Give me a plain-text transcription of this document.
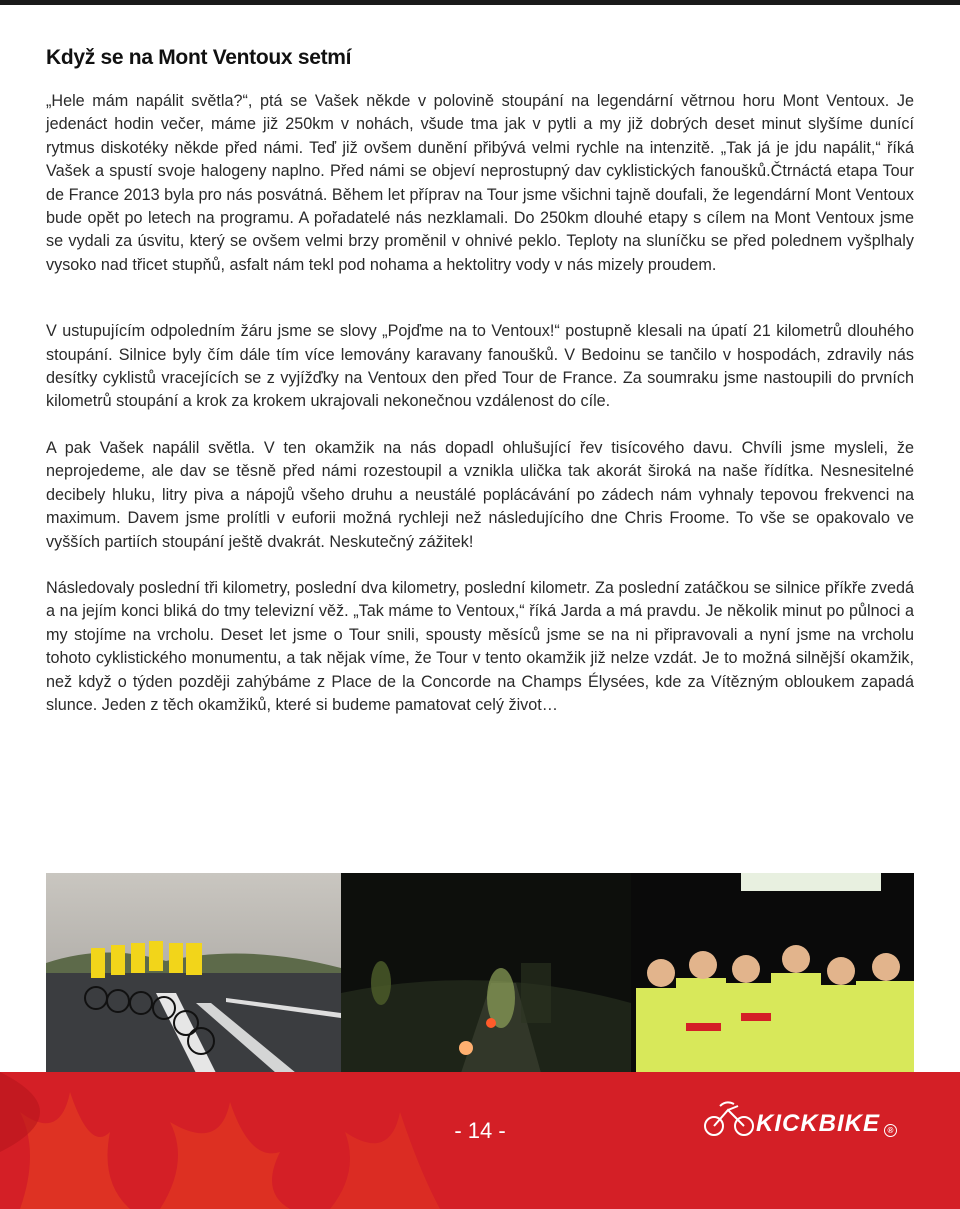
Když se na Mont Ventoux setmí

„Hele mám napálit světla?“, ptá se Vašek někde v polovině stoupání na legendární větrnou horu Mont Ventoux. Je jedenáct hodin večer, máme již 250km v nohách, všude tma jak v pytli a my již dobrých deset minut slyšíme dunící rytmus diskotéky někde před námi. Teď již ovšem dunění přibývá velmi rychle na intenzitě. „Tak já je jdu napálit,“ říká Vašek a spustí svoje halogeny naplno. Před námi se objeví neprostupný dav cyklistických fanoušků.Čtrnáctá etapa Tour de France 2013 byla pro nás posvátná. Během let příprav na Tour jsme všichni tajně doufali, že legendární Mont Ventoux bude opět po letech na programu. A pořadatelé nás nezklamali. Do 250km dlouhé etapy s cílem na Mont Ventoux jsme se vydali za úsvitu, který se ovšem velmi brzy proměnil v ohnivé peklo. Teploty na sluníčku se před polednem vyšplhaly vysoko nad třicet stupňů, asfalt nám tekl pod nohama a hektolitry vody v nás mizely proudem.

V ustupujícím odpoledním žáru jsme se slovy „Pojďme na to Ventoux!“ postupně klesali na úpatí 21 kilometrů dlouhého stoupání. Silnice byly čím dále tím více lemovány karavany fanoušků. V Bedoinu se tančilo v hospodách, zdravily nás desítky cyklistů vracejících se z vyjížďky na Ventoux den před Tour de France. Za soumraku jsme nastoupili do prvních kilometrů stoupání a krok za krokem ukrajovali nekonečnou vzdálenost do cíle.

A pak Vašek napálil světla. V ten okamžik na nás dopadl ohlušující řev tisícového davu. Chvíli jsme mysleli, že neprojedeme, ale dav se těsně před námi rozestoupil a vznikla ulička tak akorát široká na naše řídítka. Nesnesitelné decibely hluku, litry piva a nápojů všeho druhu a neustálé poplácávání po zádech nám vyhnaly tepovou frekvenci na maximum. Davem jsme prolítli v euforii možná rychleji než následujícího dne Chris Froome. To vše se opakovalo ve vyšších partiích stoupání ještě dvakrát. Neskutečný zážitek!

Následovaly poslední tři kilometry, poslední dva kilometry, poslední kilometr. Za poslední zatáčkou se silnice příkře zvedá a na jejím konci bliká do tmy televizní věž. „Tak máme to Ventoux,“ říká Jarda a má pravdu. Je několik minut po půlnoci a my stojíme na vrcholu. Deset let jsme o Tour snili, spousty měsíců jsme se na ni připravovali a nyní jsme na vrcholu tohoto cyklistického monumentu, a tak nějak víme, že Tour v tento okamžik již nelze vzdát. Je to možná silnější okamžik, než když o týden později zahýbáme z Place de la Concorde na Champs Élysées, kde za Vítězným obloukem zapadá slunce. Jeden z těch okamžiků, které si budeme pamatovat celý život…

- 14 -	KICKBIKE ®
